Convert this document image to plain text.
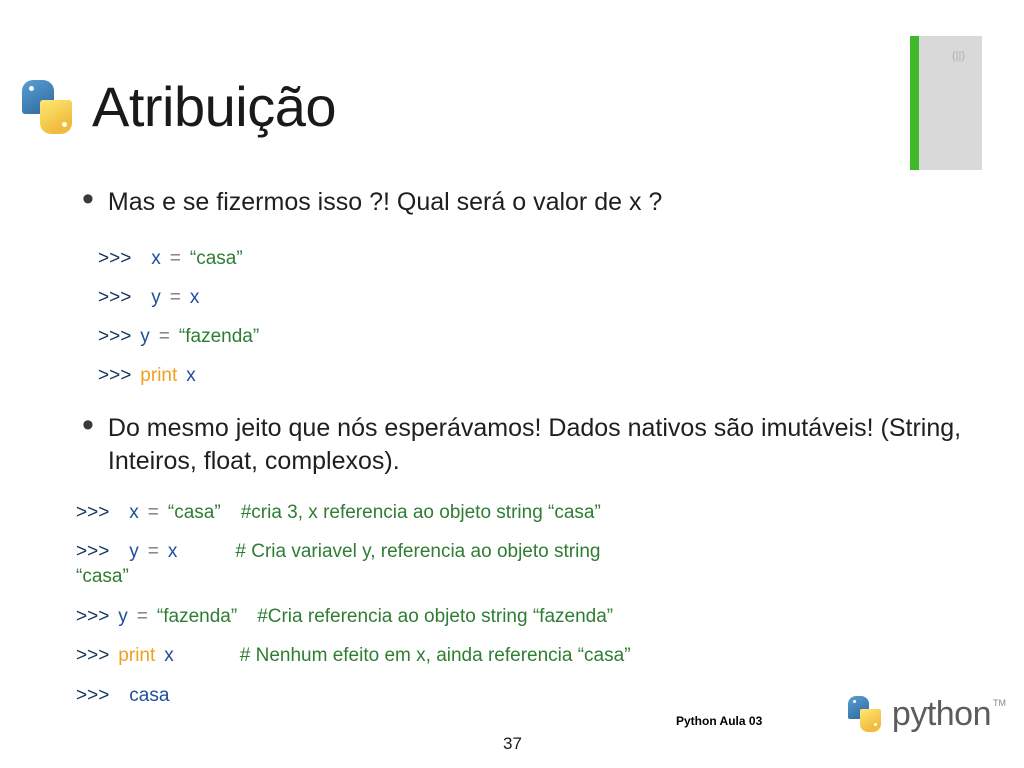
Atribuição
(||)
• Mas e se fizermos isso ?! Qual será o valor de x ?
>>> x = “casa”
>>> y = x
>>> y = “fazenda”
>>> print x
• Do mesmo jeito que nós esperávamos! Dados nativos são imutáveis! (String, Inteiros, float, complexos).
>>> x = “casa” #cria 3, x referencia ao objeto string “casa”
>>> y = x	# Cria variavel y, referencia ao objeto string
“casa”
>>> y = “fazenda” #Cria referencia ao objeto string “fazenda”
>>> print x	# Nenhum efeito em x, ainda referencia “casa”
>>> casa
Python Aula 03
37
python TM
